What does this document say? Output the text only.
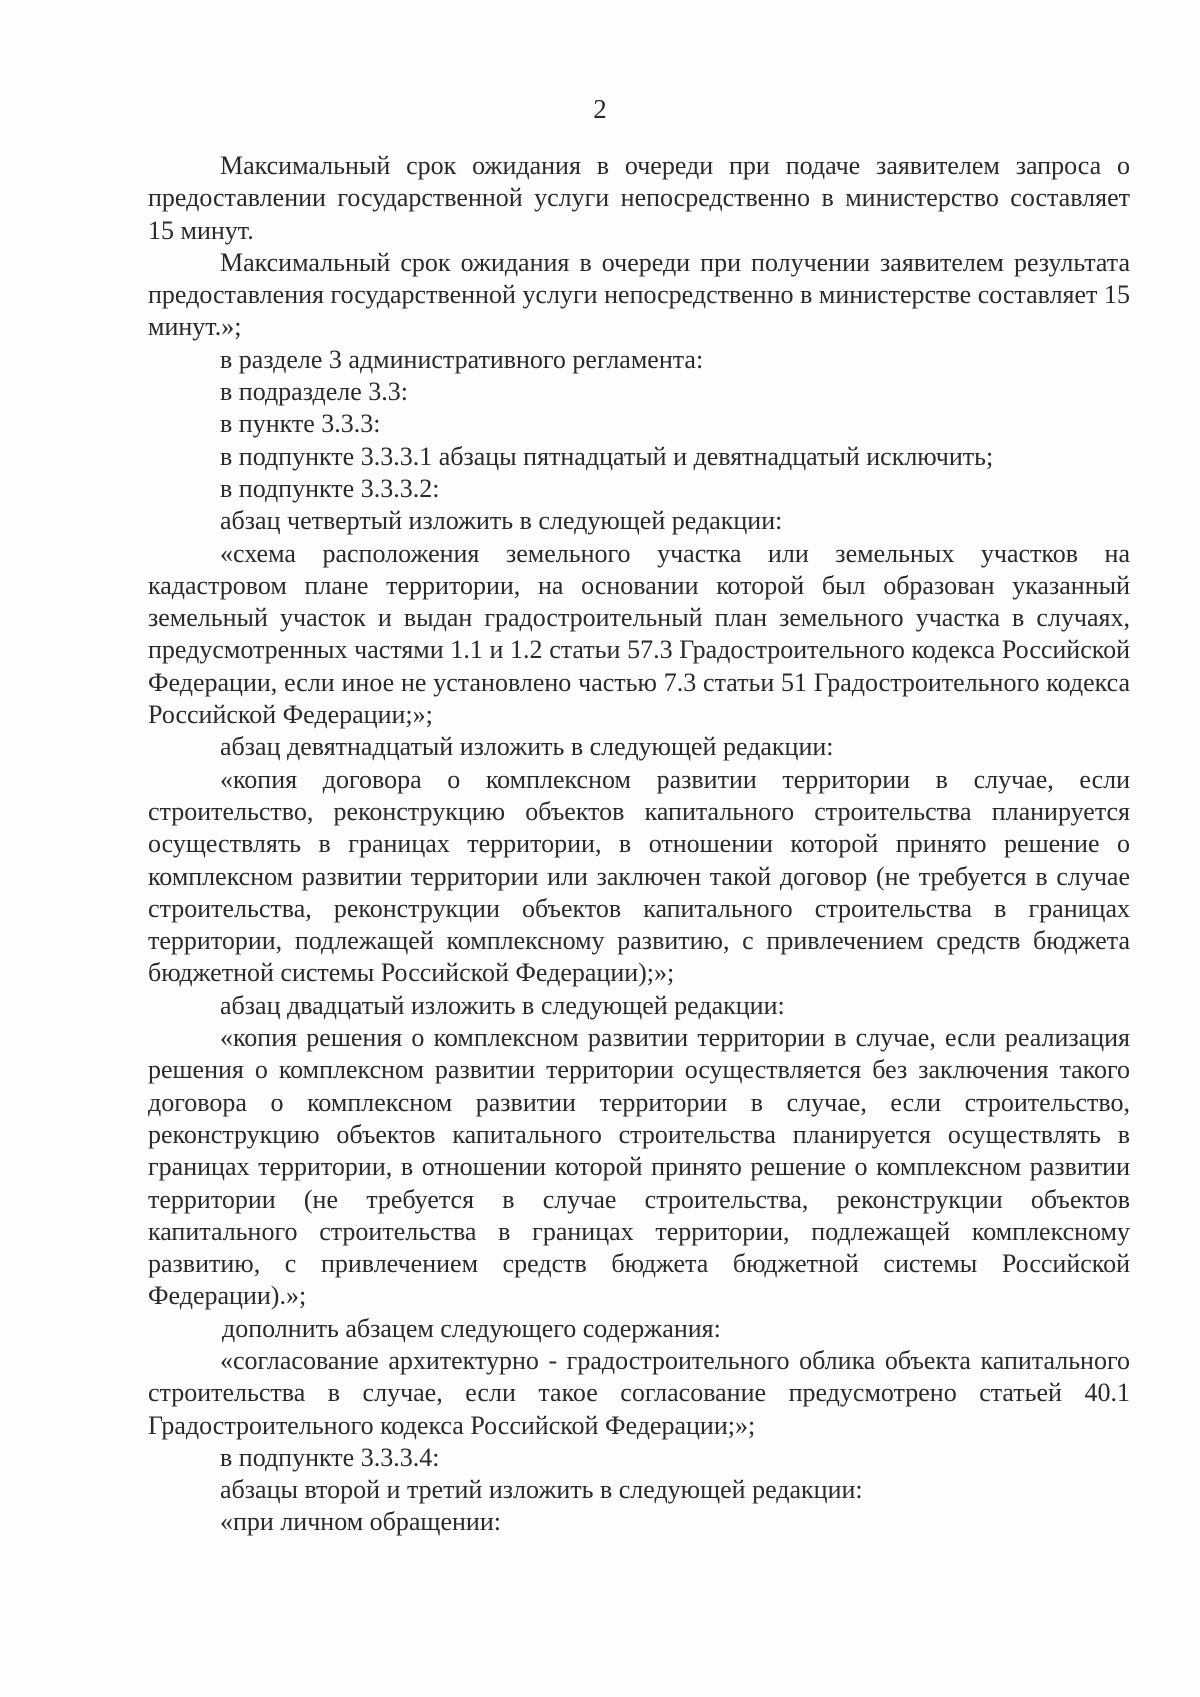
2

Максимальный срок ожидания в очереди при подаче заявителем запроса о предоставлении государственной услуги непосредственно в министерство составляет 15 минут.

Максимальный срок ожидания в очереди при получении заявителем результата предоставления государственной услуги непосредственно в министерстве составляет 15 минут.»;

в разделе 3 административного регламента:

в подразделе 3.3:

в пункте 3.3.3:

в подпункте 3.3.3.1 абзацы пятнадцатый и девятнадцатый исключить;

в подпункте 3.3.3.2:

абзац четвертый изложить в следующей редакции:

«схема расположения земельного участка или земельных участков на кадастровом плане территории, на основании которой был образован указанный земельный участок и выдан градостроительный план земельного участка в случаях, предусмотренных частями 1.1 и 1.2 статьи 57.3 Градостроительного кодекса Российской Федерации, если иное не установлено частью 7.3 статьи 51 Градостроительного кодекса Российской Федерации;»;

абзац девятнадцатый изложить в следующей редакции:

«копия договора о комплексном развитии территории в случае, если строительство, реконструкцию объектов капитального строительства планируется осуществлять в границах территории, в отношении которой принято решение о комплексном развитии территории или заключен такой договор (не требуется в случае строительства, реконструкции объектов капитального строительства в границах территории, подлежащей комплексному развитию, с привлечением средств бюджета бюджетной системы Российской Федерации);»;

абзац двадцатый изложить в следующей редакции:

«копия решения о комплексном развитии территории в случае, если реализация решения о комплексном развитии территории осуществляется без заключения такого договора о комплексном развитии территории в случае, если строительство, реконструкцию объектов капитального строительства планируется осуществлять в границах территории, в отношении которой принято решение о комплексном развитии территории (не требуется в случае строительства, реконструкции объектов капитального строительства в границах территории, подлежащей комплексному развитию, с привлечением средств бюджета бюджетной системы Российской Федерации).»;

дополнить абзацем следующего содержания:

«согласование архитектурно - градостроительного облика объекта капитального строительства в случае, если такое согласование предусмотрено статьей 40.1 Градостроительного кодекса Российской Федерации;»;

в подпункте 3.3.3.4:

абзацы второй и третий изложить в следующей редакции:

«при личном обращении:
